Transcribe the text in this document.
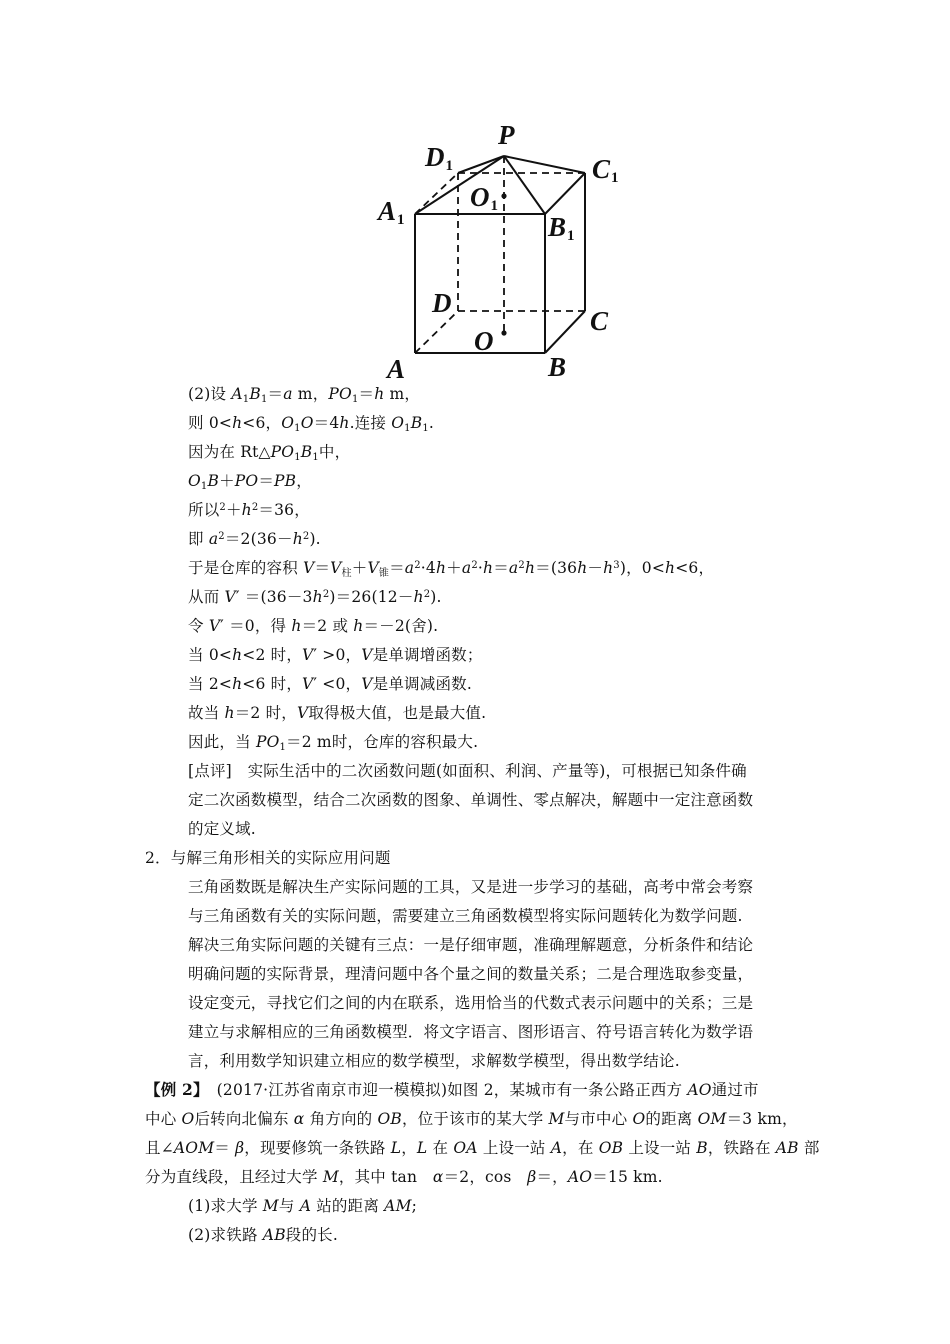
P
$D_1$	$C_1$
$O_1$
$A_1$	$B_1$
D
C
O
A	B
(2)设 $A_1B_1=a$ m，$PO_1=h$ m，
则 0<h<6，$O_1O=4h$.连接 $O_1B_1$.
因为在 $Rt\triangle PO_1B_1$中，
$O_1B+PO=PB$，
所以$^2+h^2=36$，
即 $a^2=2(36-h^2)$.
于是仓库的容积 $V=V_柱+V_锥=a^2\cdot 4h+a^2\cdot h=a^2h=(36h-h^3)$，0<h<6，
从而 $V' =(36-3h^2)=26(12-h^2)$.
令 V′ ＝0，得 h＝2 或 h＝－2(舍).
当 0<h<2 时，V′ >0，V是单调增函数；
当 2<h<6 时，V′ <0，V是单调减函数.
故当 h＝2 时，V取得极大值，也是最大值.
因此，当 $PO_1=2$ m时，仓库的容积最大.
[点评]　实际生活中的二次函数问题(如面积、利润、产量等)，可根据已知条件确
定二次函数模型，结合二次函数的图象、单调性、零点解决，解题中一定注意函数
的定义域.
2．与解三角形相关的实际应用问题
三角函数既是解决生产实际问题的工具，又是进一步学习的基础，高考中常会考察
与三角函数有关的实际问题，需要建立三角函数模型将实际问题转化为数学问题.
解决三角实际问题的关键有三点：一是仔细审题，准确理解题意，分析条件和结论
明确问题的实际背景，理清问题中各个量之间的数量关系；二是合理选取参变量，
设定变元，寻找它们之间的内在联系，选用恰当的代数式表示问题中的关系；三是
建立与求解相应的三角函数模型．将文字语言、图形语言、符号语言转化为数学语
言，利用数学知识建立相应的数学模型，求解数学模型，得出数学结论.
【例 2】　(2017·江苏省南京市迎一模模拟)如图 2，某城市有一条公路正西方 AO通过市
中心 O后转向北偏东 α 角方向的 OB，位于该市的某大学 M与市中心 O的距离 OM＝3 km，
且∠AOM＝ β，现要修筑一条铁路 L，L 在 OA 上设一站 A，在 OB 上设一站 B，铁路在 AB 部
分为直线段，且经过大学 M，其中 tan　α＝2，cos　β＝，AO＝15 km.
(1)求大学 M与 A 站的距离 AM;
(2)求铁路 AB段的长.
